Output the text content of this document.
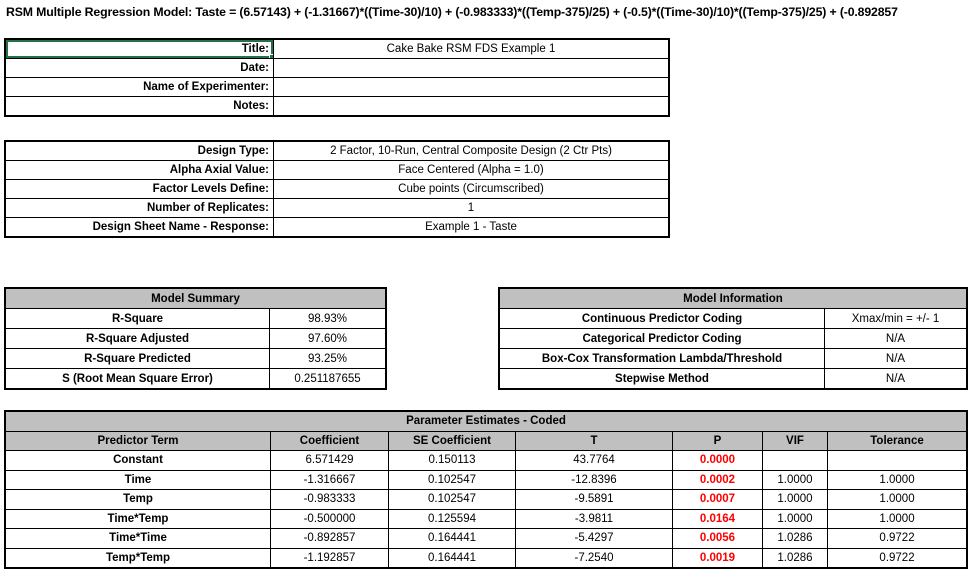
RSM Multiple Regression Model: Taste = (6.57143) + (-1.31667)*((Time-30)/10) + (-0.983333)*((Temp-375)/25) + (-0.5)*((Time-30)/10)*((Temp-375)/25) + (-0.892857
Title:	Cake Bake RSM FDS Example 1
Date:	
Name of Experimenter:	
Notes:	
Design Type:	2 Factor, 10-Run, Central Composite Design (2 Ctr Pts)
Alpha Axial Value:	Face Centered (Alpha = 1.0)
Factor Levels Define:	Cube points (Circumscribed)
Number of Replicates:	1
Design Sheet Name - Response:	Example 1 - Taste
Model Summary	
R-Square	98.93%
R-Square Adjusted	97.60%
R-Square Predicted	93.25%
S (Root Mean Square Error)	0.251187655
Model Information	
Continuous Predictor Coding	Xmax/min = +/- 1
Categorical Predictor Coding	N/A
Box-Cox Transformation Lambda/Threshold	N/A
Stepwise Method	N/A
Parameter Estimates - Coded						
Predictor Term	Coefficient	SE Coefficient	T	P	VIF	Tolerance
Constant	6.571429	0.150113	43.7764	0.0000		
Time	-1.316667	0.102547	-12.8396	0.0002	1.0000	1.0000
Temp	-0.983333	0.102547	-9.5891	0.0007	1.0000	1.0000
Time*Temp	-0.500000	0.125594	-3.9811	0.0164	1.0000	1.0000
Time*Time	-0.892857	0.164441	-5.4297	0.0056	1.0286	0.9722
Temp*Temp	-1.192857	0.164441	-7.2540	0.0019	1.0286	0.9722
